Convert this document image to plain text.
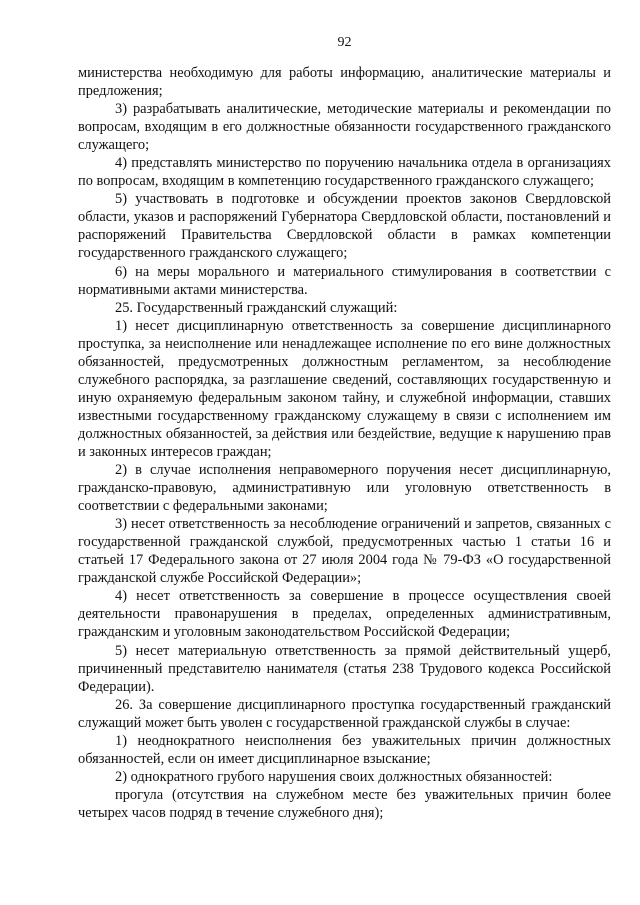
92

министерства необходимую для работы информацию, аналитические материалы и предложения;

3) разрабатывать аналитические, методические материалы и рекомендации по вопросам, входящим в его должностные обязанности государственного гражданского служащего;

4) представлять министерство по поручению начальника отдела в организациях по вопросам, входящим в компетенцию государственного гражданского служащего;

5) участвовать в подготовке и обсуждении проектов законов Свердловской области, указов и распоряжений Губернатора Свердловской области, постановлений и распоряжений Правительства Свердловской области в рамках компетенции государственного гражданского служащего;

6) на меры морального и материального стимулирования в соответствии с нормативными актами министерства.

25. Государственный гражданский служащий:

1) несет дисциплинарную ответственность за совершение дисциплинарного проступка, за неисполнение или ненадлежащее исполнение по его вине должностных обязанностей, предусмотренных должностным регламентом, за несоблюдение служебного распорядка, за разглашение сведений, составляющих государственную и иную охраняемую федеральным законом тайну, и служебной информации, ставших известными государственному гражданскому служащему в связи с исполнением им должностных обязанностей, за действия или бездействие, ведущие к нарушению прав и законных интересов граждан;

2) в случае исполнения неправомерного поручения несет дисциплинарную, гражданско-правовую, административную или уголовную ответственность в соответствии с федеральными законами;

3) несет ответственность за несоблюдение ограничений и запретов, связанных с государственной гражданской службой, предусмотренных частью 1 статьи 16 и статьей 17 Федерального закона от 27 июля 2004 года № 79-ФЗ «О государственной гражданской службе Российской Федерации»;

4) несет ответственность за совершение в процессе осуществления своей деятельности правонарушения в пределах, определенных административным, гражданским и уголовным законодательством Российской Федерации;

5) несет материальную ответственность за прямой действительный ущерб, причиненный представителю нанимателя (статья 238 Трудового кодекса Российской Федерации).

26. За совершение дисциплинарного проступка государственный гражданский служащий может быть уволен с государственной гражданской службы в случае:

1) неоднократного неисполнения без уважительных причин должностных обязанностей, если он имеет дисциплинарное взыскание;

2) однократного грубого нарушения своих должностных обязанностей:

прогула (отсутствия на служебном месте без уважительных причин более четырех часов подряд в течение служебного дня);
